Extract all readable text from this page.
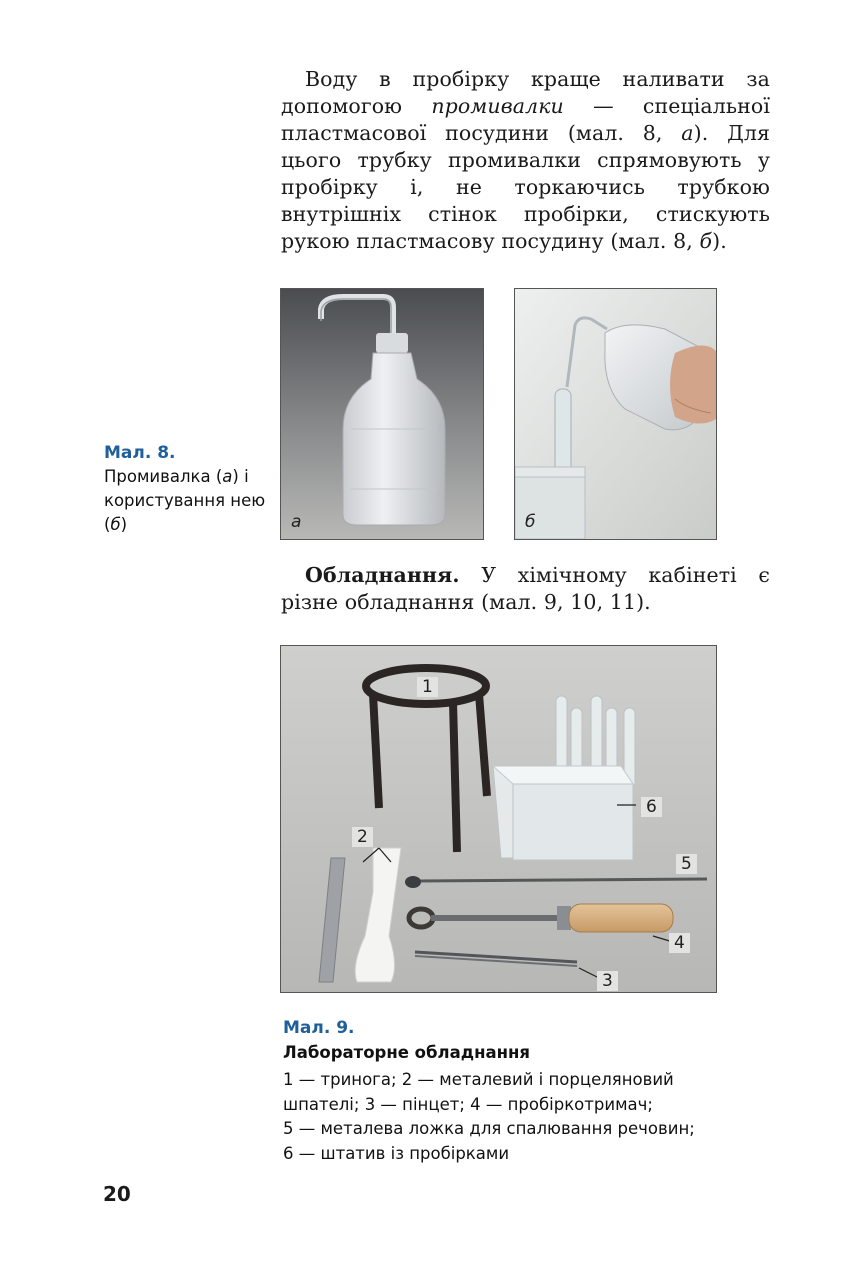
Воду в пробірку краще наливати за допомогою промивалки — спеціальної пластмасової посудини (мал. 8, а). Для цього трубку промивалки спрямовують у пробірку і, не торкаючись трубкою внутрішніх стінок пробірки, стискують рукою пластмасову посудину (мал. 8, б).
Мал. 8.
Промивалка (а) і користування нею (б)	а	б
Обладнання. У хімічному кабінеті є різне обладнання (мал. 9, 10, 11).
1
2
3
4
5
6
Мал. 9.
Лабораторне обладнання
1 — тринога; 2 — металевий і порцеляновий
шпателі; 3 — пінцет; 4 — пробіркотримач;
5 — металева ложка для спалювання речовин;
6 — штатив із пробірками
20
